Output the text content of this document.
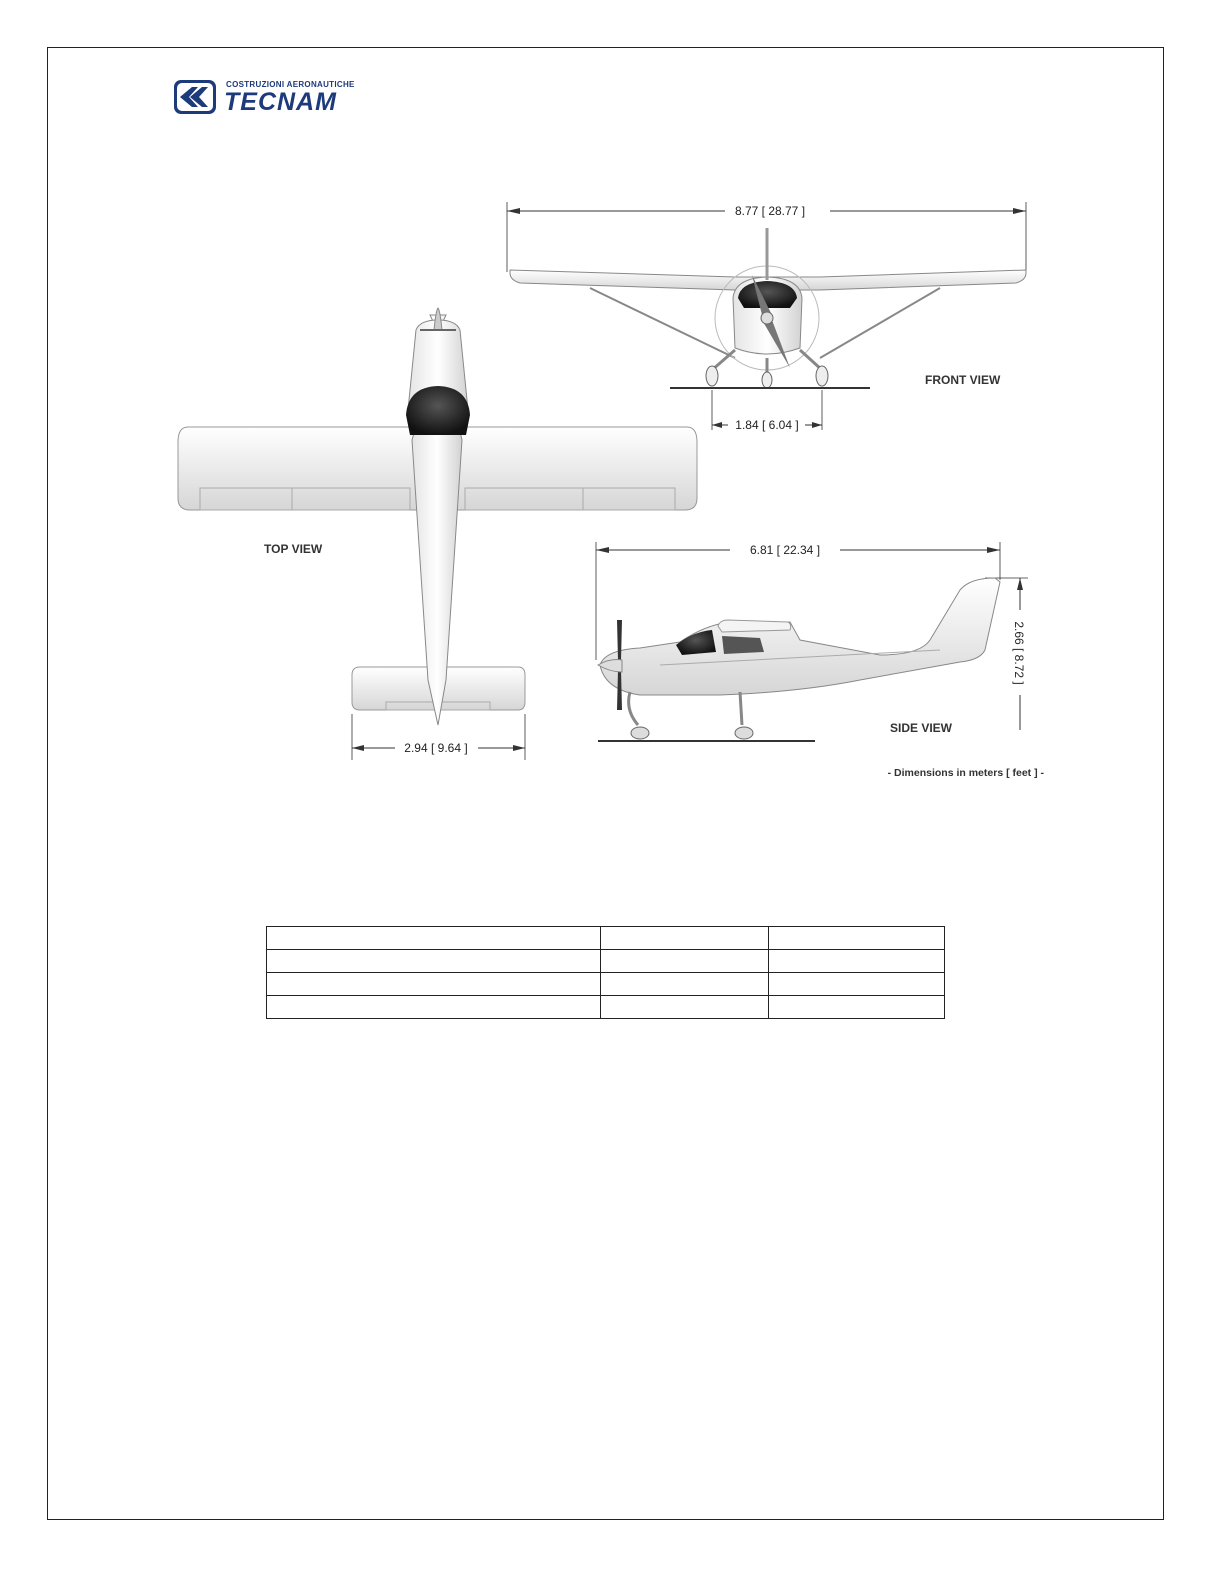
COSTRUZIONI AERONAUTICHE
TECNAM
8.77 [ 28.77 ]
1.84 [ 6.04 ]
FRONT VIEW
2.94 [ 9.64 ]
TOP VIEW	6.81 [ 22.34 ]
2.66 [ 8.72 ]
SIDE VIEW
- Dimensions in meters [ feet ] -
